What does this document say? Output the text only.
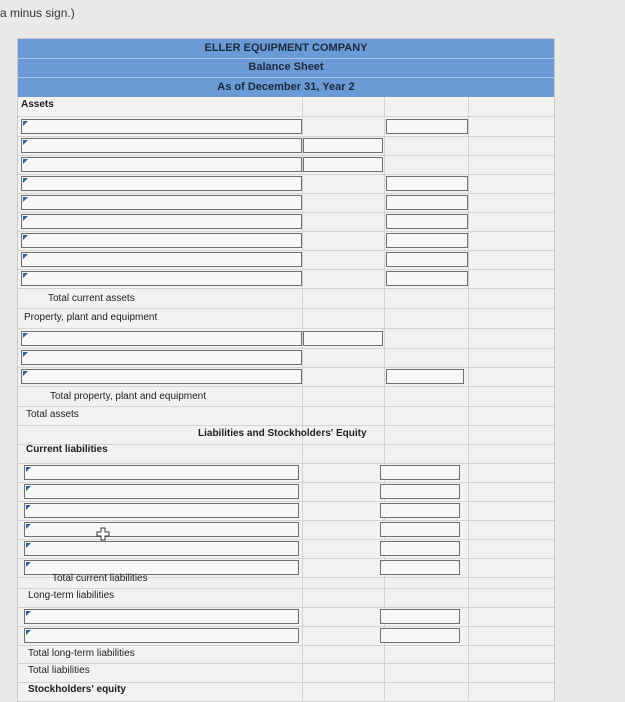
a minus sign.)
ELLER EQUIPMENT COMPANY
Balance Sheet
As of December 31, Year 2
Assets
Total current assets
Property, plant and equipment
Total property, plant and equipment
Total assets
Liabilities and Stockholders' Equity
Current liabilities
Total current liabilities
Long-term liabilities
Total long-term liabilities
Total liabilities
Stockholders' equity
